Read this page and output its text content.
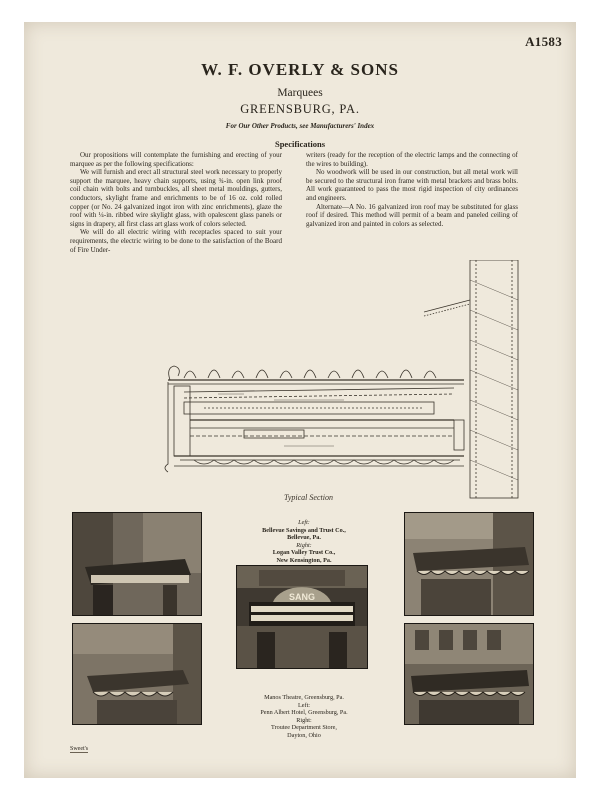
A1583
W. F. OVERLY & SONS
Marquees
GREENSBURG, PA.
For Our Other Products, see Manufacturers' Index
Specifications

Our propositions will contemplate the furnishing and erecting of your marquee as per the following specifications:

We will furnish and erect all structural steel work necessary to properly support the marquee, heavy chain supports, using ¾-in. open link proof coil chain with bolts and turnbuckles, all sheet metal mouldings, gutters, conductors, skylight frame and enrichments to be of 16 oz. cold rolled copper (or No. 24 galvanized ingot iron with zinc enrichments), glaze the roof with ¼-in. ribbed wire skylight glass, with opalescent glass panels or signs in drapery, all first class art glass work of colors selected.

We will do all electric wiring with receptacles spaced to suit your requirements, the electric wiring to be done to the satisfaction of the Board of Fire Under-

writers (ready for the reception of the electric lamps and the connecting of the wires to building).

No woodwork will be used in our construction, but all metal work will be secured to the structural iron frame with metal brackets and brass bolts. All work guaranteed to pass the most rigid inspection of city ordinances and engineers.

Alternate—A No. 16 galvanized iron roof may be substituted for glass roof if desired. This method will permit of a beam and paneled ceiling of galvanized iron and painted in colors as selected.

Typical Section
SANG
Left:
Bellevue Savings and Trust Co.,
Bellevue, Pa.
Right:
Logan Valley Trust Co.,
New Kensington, Pa.
Manos Theatre, Greensburg, Pa.
Left:
Penn Albert Hotel, Greensburg, Pa.
Right:
Troutee Department Store,
Dayton, Ohio
Sweet's
